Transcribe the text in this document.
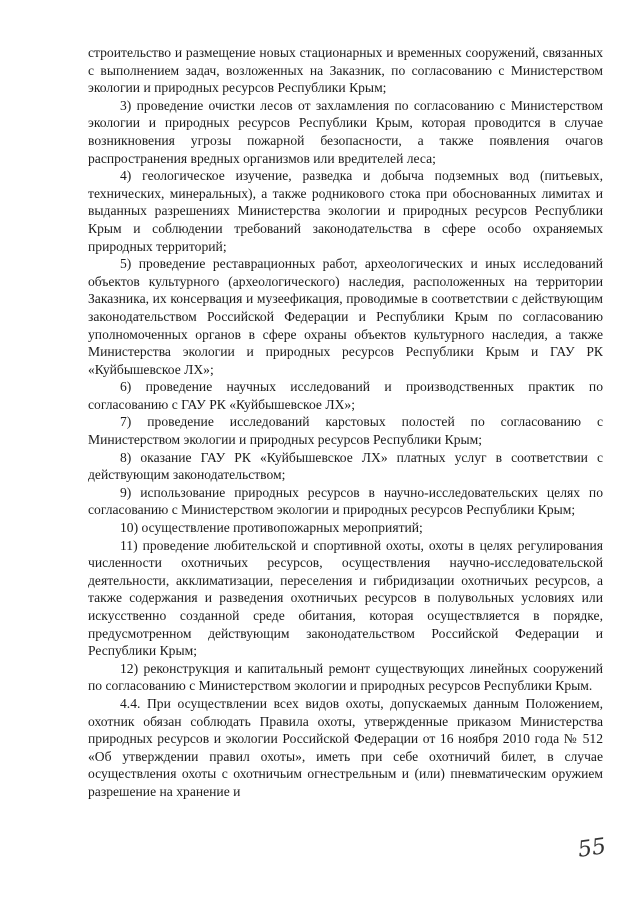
строительство и размещение новых стационарных и временных сооружений, связанных с выполнением задач, возложенных на Заказник, по согласованию с Министерством экологии и природных ресурсов Республики Крым;

3) проведение очистки лесов от захламления по согласованию с Министерством экологии и природных ресурсов Республики Крым, которая проводится в случае возникновения угрозы пожарной безопасности, а также появления очагов распространения вредных организмов или вредителей леса;

4) геологическое изучение, разведка и добыча подземных вод (питьевых, технических, минеральных), а также родникового стока при обоснованных лимитах и выданных разрешениях Министерства экологии и природных ресурсов Республики Крым и соблюдении требований законодательства в сфере особо охраняемых природных территорий;

5) проведение реставрационных работ, археологических и иных исследований объектов культурного (археологического) наследия, расположенных на территории Заказника, их консервация и музеефикация, проводимые в соответствии с действующим законодательством Российской Федерации и Республики Крым по согласованию уполномоченных органов в сфере охраны объектов культурного наследия, а также Министерства экологии и природных ресурсов Республики Крым и ГАУ РК «Куйбышевское ЛХ»;

6) проведение научных исследований и производственных практик по согласованию с ГАУ РК «Куйбышевское ЛХ»;

7) проведение исследований карстовых полостей по согласованию с Министерством экологии и природных ресурсов Республики Крым;

8) оказание ГАУ РК «Куйбышевское ЛХ» платных услуг в соответствии с действующим законодательством;

9) использование природных ресурсов в научно-исследовательских целях по согласованию с Министерством экологии и природных ресурсов Республики Крым;

10) осуществление противопожарных мероприятий;

11) проведение любительской и спортивной охоты, охоты в целях регулирования численности охотничьих ресурсов, осуществления научно-исследовательской деятельности, акклиматизации, переселения и гибридизации охотничьих ресурсов, а также содержания и разведения охотничьих ресурсов в полувольных условиях или искусственно созданной среде обитания, которая осуществляется в порядке, предусмотренном действующим законодательством Российской Федерации и Республики Крым;

12) реконструкция и капитальный ремонт существующих линейных сооружений по согласованию с Министерством экологии и природных ресурсов Республики Крым.

4.4. При осуществлении всех видов охоты, допускаемых данным Положением, охотник обязан соблюдать Правила охоты, утвержденные приказом Министерства природных ресурсов и экологии Российской Федерации от 16 ноября 2010 года № 512 «Об утверждении правил охоты», иметь при себе охотничий билет, в случае осуществления охоты с охотничьим огнестрельным и (или) пневматическим оружием разрешение на хранение и

55
